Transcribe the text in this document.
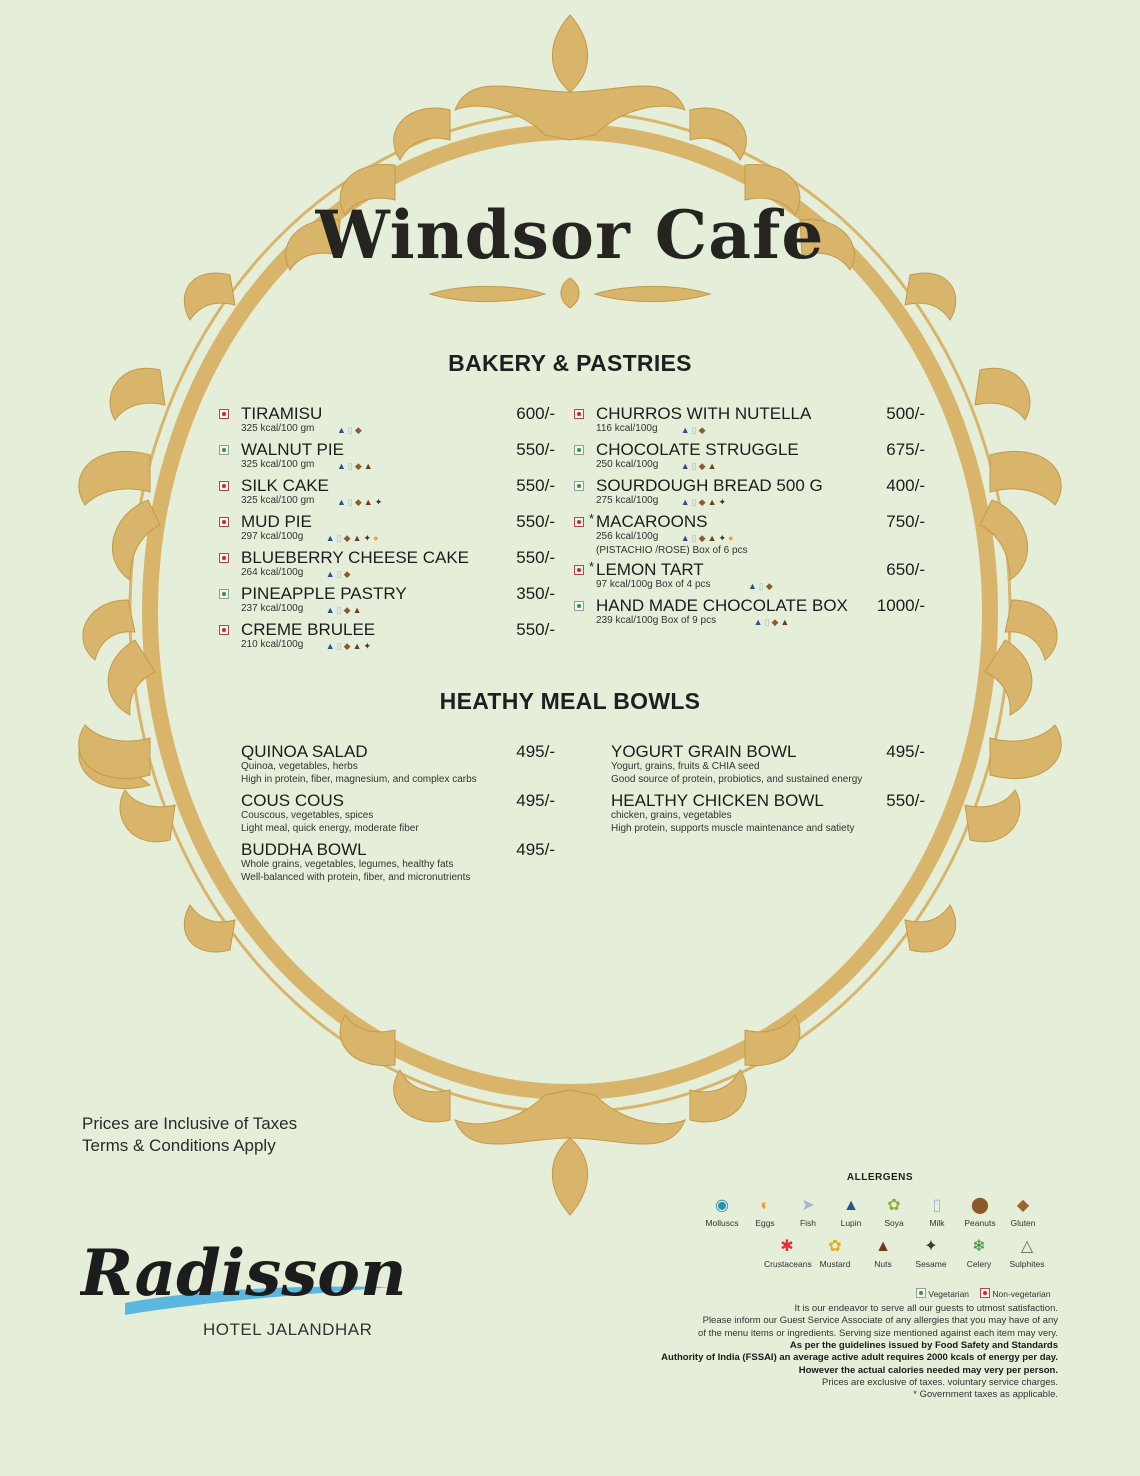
Windsor Cafe
BAKERY & PASTRIES
TIRAMISU	600/-
325 kcal/100 gm	▲▯◆
WALNUT PIE	550/-
325 kcal/100 gm	▲▯◆▲
SILK CAKE	550/-
325 kcal/100 gm	▲▯◆▲✦
MUD PIE	550/-
297 kcal/100g	▲▯◆▲✦●
BLUEBERRY CHEESE CAKE	550/-
264 kcal/100g	▲▯◆
PINEAPPLE PASTRY	350/-
237 kcal/100g	▲▯◆▲
CREME BRULEE	550/-
210 kcal/100g	▲▯◆▲✦
CHURROS WITH NUTELLA	500/-
116 kcal/100g	▲▯◆
CHOCOLATE STRUGGLE	675/-
250 kcal/100g	▲▯◆▲
SOURDOUGH BREAD 500 G	400/-
275 kcal/100g	▲▯◆▲✦
* MACAROONS	750/-
256 kcal/100g	▲▯◆▲✦●
(PISTACHIO /ROSE) Box of 6 pcs
* LEMON TART	650/-
97 kcal/100g Box of 4 pcs	▲▯◆
HAND MADE CHOCOLATE BOX 1000/-
239 kcal/100g Box of 9 pcs	▲▯◆▲
HEATHY MEAL BOWLS
QUINOA SALAD	495/-
Quinoa, vegetables, herbs
High in protein, fiber, magnesium, and complex carbs
COUS COUS	495/-
Couscous, vegetables, spices
Light meal, quick energy, moderate fiber
BUDDHA BOWL	495/-
Whole grains, vegetables, legumes, healthy fats
Well-balanced with protein, fiber, and micronutrients
YOGURT GRAIN BOWL	495/-
Yogurt, grains, fruits & CHIA seed
Good source of protein, probiotics, and sustained energy
HEALTHY CHICKEN BOWL	550/-
chicken, grains, vegetables
High protein, supports muscle maintenance and satiety
Prices are Inclusive of Taxes
Terms & Conditions Apply
Radisson
HOTEL JALANDHAR
ALLERGENS
◉
Molluscs
◐
Eggs
➤
Fish
▲
Lupin
✿
Soya
▯
Milk
⬤
Peanuts
◆
Gluten
✱
Crustaceans
✿
Mustard
▲
Nuts
✦
Sesame
❄
Celery
△
Sulphites
Vegetarian	Non-vegetarian
It is our endeavor to serve all our guests to utmost satisfaction.
Please inform our Guest Service Associate of any allergies that you may have of any
of the menu items or ingredients. Serving size mentioned against each item may very.
As per the guidelines issued by Food Safety and Standards
Authority of India (FSSAI) an average active adult requires 2000 kcals of energy per day.
However the actual calories needed may very per person.
Prices are exclusive of taxes. voluntary service charges.
* Government taxes as applicable.
